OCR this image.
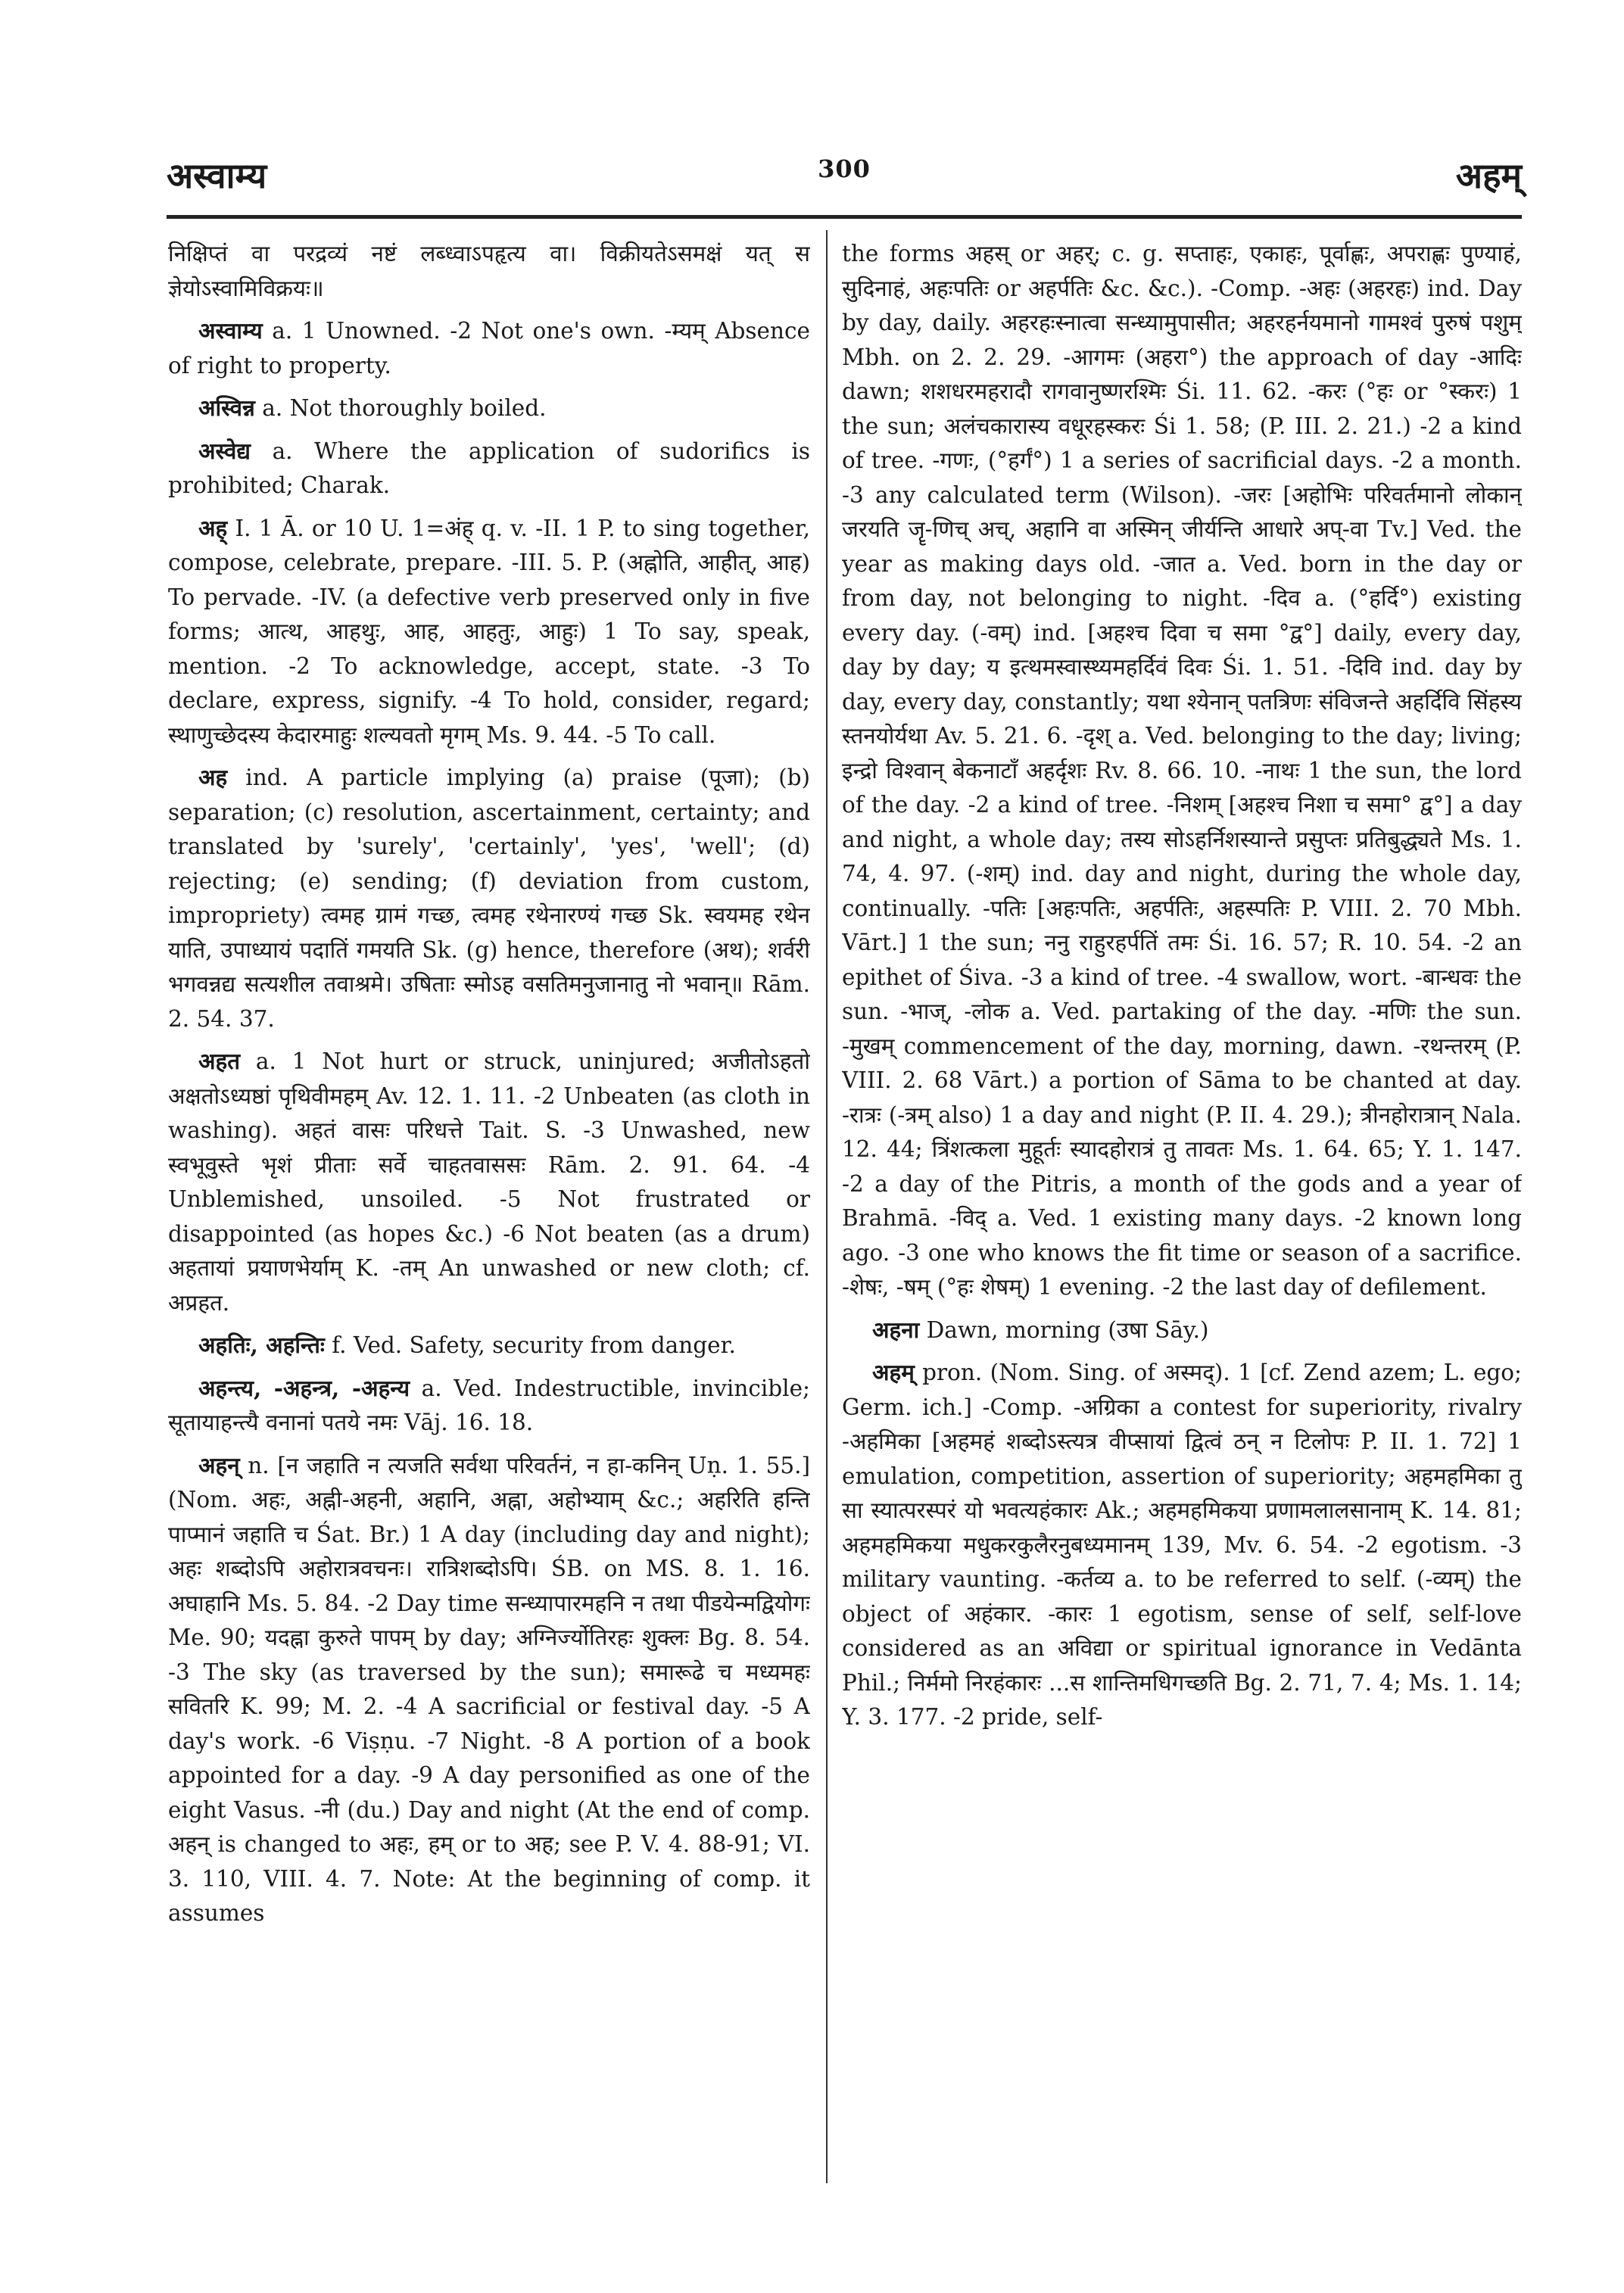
अस्वाम्य	300	अहम्

निक्षिप्तं वा परद्रव्यं नष्टं लब्ध्वाऽपहृत्य वा। विक्रीयतेऽसमक्षं यत् स ज्ञेयोऽस्वामिविक्रयः॥

अस्वाम्य a. 1 Unowned. -2 Not one's own. -म्यम् Absence of right to property.

अस्विन्न a. Not thoroughly boiled.

अस्वेद्य a. Where the application of sudorifics is prohibited; Charak.

अह् I. 1 Ā. or 10 U. 1=अंह् q. v. -II. 1 P. to sing together, compose, celebrate, prepare. -III. 5. P. (अह्नोति, आहीत्, आह) To pervade. -IV. (a defective verb preserved only in five forms; आत्थ, आहथुः, आह, आहतुः, आहुः) 1 To say, speak, mention. -2 To acknowledge, accept, state. -3 To declare, express, signify. -4 To hold, consider, regard; स्थाणुच्छेदस्य केदारमाहुः शल्यवतो मृगम् Ms. 9. 44. -5 To call.

अह ind. A particle implying (a) praise (पूजा); (b) separation; (c) resolution, ascertainment, certainty; and translated by 'surely', 'certainly', 'yes', 'well'; (d) rejecting; (e) sending; (f) deviation from custom, impropriety) त्वमह ग्रामं गच्छ, त्वमह रथेनारण्यं गच्छ Sk. स्वयमह रथेन याति, उपाध्यायं पदातिं गमयति Sk. (g) hence, therefore (अथ); शर्वरी भगवन्नद्य सत्यशील तवाश्रमे। उषिताः स्मोऽह वसतिमनुजानातु नो भवान्॥ Rām. 2. 54. 37.

अहत a. 1 Not hurt or struck, uninjured; अजीतोऽहतो अक्षतोऽध्यष्ठां पृथिवीमहम् Av. 12. 1. 11. -2 Unbeaten (as cloth in washing). अहतं वासः परिधत्ते Tait. S. -3 Unwashed, new स्वभूवुस्ते भृशं प्रीताः सर्वे चाहतवाससः Rām. 2. 91. 64. -4 Unblemished, unsoiled. -5 Not frustrated or disappointed (as hopes &c.) -6 Not beaten (as a drum) अहतायां प्रयाणभेर्याम् K. -तम् An unwashed or new cloth; cf. अप्रहत.

अहतिः, अहन्तिः f. Ved. Safety, security from danger.

अहन्त्य, -अहन्त्र, -अहन्य a. Ved. Indestructible, invincible; सूतायाहन्त्यै वनानां पतये नमः Vāj. 16. 18.

अहन् n. [न जहाति न त्यजति सर्वथा परिवर्तनं, न हा-कनिन् Uṇ. 1. 55.] (Nom. अहः, अह्नी-अहनी, अहानि, अह्ना, अहोभ्याम् &c.; अहरिति हन्ति पाप्मानं जहाति च Śat. Br.) 1 A day (including day and night); अहः शब्दोऽपि अहोरात्रवचनः। रात्रिशब्दोऽपि। ŚB. on MS. 8. 1. 16. अघाहानि Ms. 5. 84. -2 Day time सन्ध्यापारमहनि न तथा पीडयेन्मद्वियोगः Me. 90; यदह्ना कुरुते पापम् by day; अग्निर्ज्योतिरहः शुक्लः Bg. 8. 54. -3 The sky (as traversed by the sun); समारूढे च मध्यमहः सवितरि K. 99; M. 2. -4 A sacrificial or festival day. -5 A day's work. -6 Viṣṇu. -7 Night. -8 A portion of a book appointed for a day. -9 A day personified as one of the eight Vasus. -नी (du.) Day and night (At the end of comp. अहन् is changed to अहः, हम् or to अह; see P. V. 4. 88-91; VI. 3. 110, VIII. 4. 7. Note: At the beginning of comp. it assumes

the forms अहस् or अहर्; c. g. सप्ताहः, एकाहः, पूर्वाह्णः, अपराह्णः पुण्याहं, सुदिनाहं, अहःपतिः or अहर्पतिः &c. &c.). -Comp. -अहः (अहरहः) ind. Day by day, daily. अहरहःस्नात्वा सन्ध्यामुपासीत; अहरहर्नयमानो गामश्वं पुरुषं पशुम् Mbh. on 2. 2. 29. -आगमः (अहरा°) the approach of day -आदिः dawn; शशधरमहरादौ रागवानुष्णरश्मिः Śi. 11. 62. -करः (°हः or °स्करः) 1 the sun; अलंचकारास्य वधूरहस्करः Śi 1. 58; (P. III. 2. 21.) -2 a kind of tree. -गणः, (°हर्गं°) 1 a series of sacrificial days. -2 a month. -3 any calculated term (Wilson). -जरः [अहोभिः परिवर्तमानो लोकान् जरयति जॄ-णिच् अच्, अहानि वा अस्मिन् जीर्यन्ति आधारे अप्-वा Tv.] Ved. the year as making days old. -जात a. Ved. born in the day or from day, not belonging to night. -दिव a. (°हर्दि°) existing every day. (-वम्) ind. [अहश्च दिवा च समा °द्व°] daily, every day, day by day; य इत्थमस्वास्थ्यमहर्दिवं दिवः Śi. 1. 51. -दिवि ind. day by day, every day, constantly; यथा श्येनान् पतत्रिणः संविजन्ते अहर्दिवि सिंहस्य स्तनयोर्यथा Av. 5. 21. 6. -दृश् a. Ved. belonging to the day; living; इन्द्रो विश्वान् बेकनाटाँ अहर्दृशः Rv. 8. 66. 10. -नाथः 1 the sun, the lord of the day. -2 a kind of tree. -निशम् [अहश्च निशा च समा° द्व°] a day and night, a whole day; तस्य सोऽहर्निशस्यान्ते प्रसुप्तः प्रतिबुद्ध्यते Ms. 1. 74, 4. 97. (-शम्) ind. day and night, during the whole day, continually. -पतिः [अहःपतिः, अहर्पतिः, अहस्पतिः P. VIII. 2. 70 Mbh. Vārt.] 1 the sun; ननु राहुरहर्पतिं तमः Śi. 16. 57; R. 10. 54. -2 an epithet of Śiva. -3 a kind of tree. -4 swallow, wort. -बान्धवः the sun. -भाज्, -लोक a. Ved. partaking of the day. -मणिः the sun. -मुखम् commencement of the day, morning, dawn. -रथन्तरम् (P. VIII. 2. 68 Vārt.) a portion of Sāma to be chanted at day. -रात्रः (-त्रम् also) 1 a day and night (P. II. 4. 29.); त्रीनहोरात्रान् Nala. 12. 44; त्रिंशत्कला मुहूर्तः स्यादहोरात्रं तु तावतः Ms. 1. 64. 65; Y. 1. 147. -2 a day of the Pitris, a month of the gods and a year of Brahmā. -विद् a. Ved. 1 existing many days. -2 known long ago. -3 one who knows the fit time or season of a sacrifice. -शेषः, -षम् (°हः शेषम्) 1 evening. -2 the last day of defilement.

अहना Dawn, morning (उषा Sāy.)

अहम् pron. (Nom. Sing. of अस्मद्). 1 [cf. Zend azem; L. ego; Germ. ich.] -Comp. -अग्रिका a contest for superiority, rivalry -अहमिका [अहमहं शब्दोऽस्त्यत्र वीप्सायां द्वित्वं ठन् न टिलोपः P. II. 1. 72] 1 emulation, competition, assertion of superiority; अहमहमिका तु सा स्यात्परस्परं यो भवत्यहंकारः Ak.; अहमहमिकया प्रणामलालसानाम् K. 14. 81; अहमहमिकया मधुकरकुलैरनुबध्यमानम् 139, Mv. 6. 54. -2 egotism. -3 military vaunting. -कर्तव्य a. to be referred to self. (-व्यम्) the object of अहंकार. -कारः 1 egotism, sense of self, self-love considered as an अविद्या or spiritual ignorance in Vedānta Phil.; निर्ममो निरहंकारः ...स शान्तिमधिगच्छति Bg. 2. 71, 7. 4; Ms. 1. 14; Y. 3. 177. -2 pride, self-
